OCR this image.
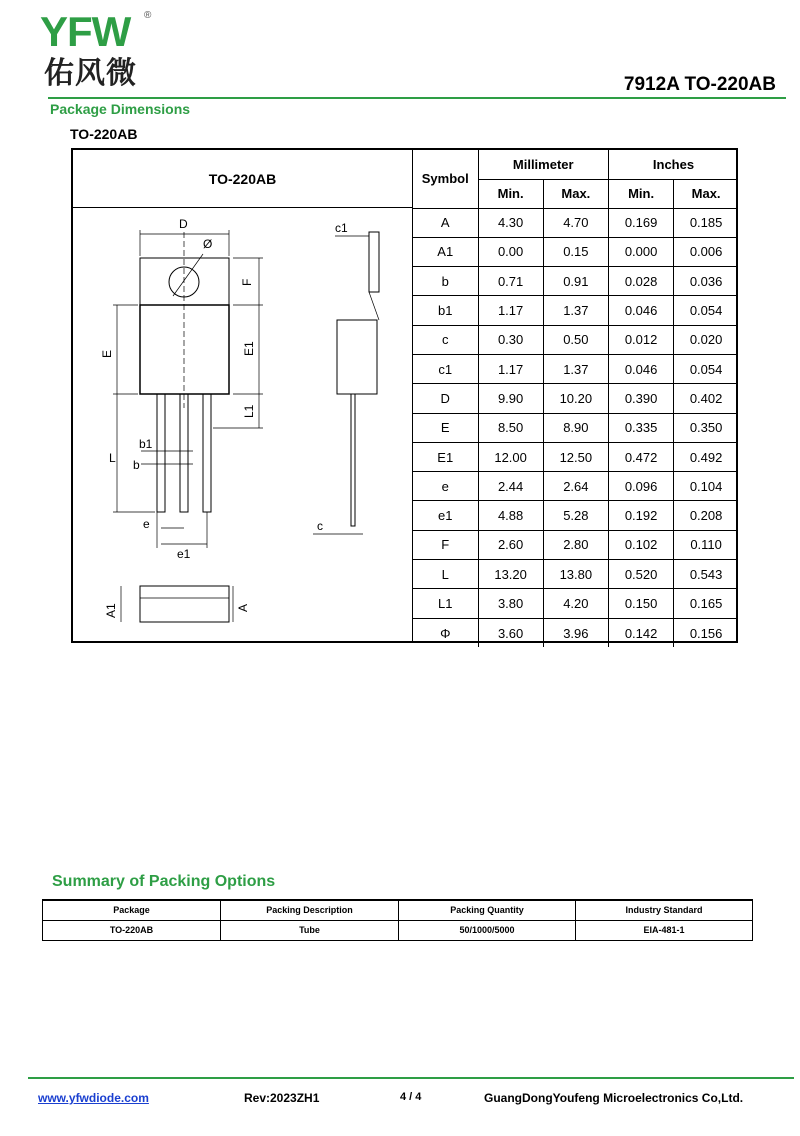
YFW ®
佑风微	7912A TO-220AB
Package Dimensions
TO-220AB
TO-220AB
D
Ø
F
E1
L1
E
L
b1
b
e
e1
c1
c
A1	A
Symbol	Millimeter		Inches	
	Min.	Max.	Min.	Max.
A	4.30	4.70	0.169	0.185
A1	0.00	0.15	0.000	0.006
b	0.71	0.91	0.028	0.036
b1	1.17	1.37	0.046	0.054
c	0.30	0.50	0.012	0.020
c1	1.17	1.37	0.046	0.054
D	9.90	10.20	0.390	0.402
E	8.50	8.90	0.335	0.350
E1	12.00	12.50	0.472	0.492
e	2.44	2.64	0.096	0.104
e1	4.88	5.28	0.192	0.208
F	2.60	2.80	0.102	0.110
L	13.20	13.80	0.520	0.543
L1	3.80	4.20	0.150	0.165
Φ	3.60	3.96	0.142	0.156
Summary of Packing Options
Package	Packing Description	Packing Quantity	Industry Standard
TO-220AB	Tube	50/1000/5000	EIA-481-1
www.yfwdiode.com	Rev:2023ZH1	4 / 4	GuangDongYoufeng Microelectronics Co,Ltd.
